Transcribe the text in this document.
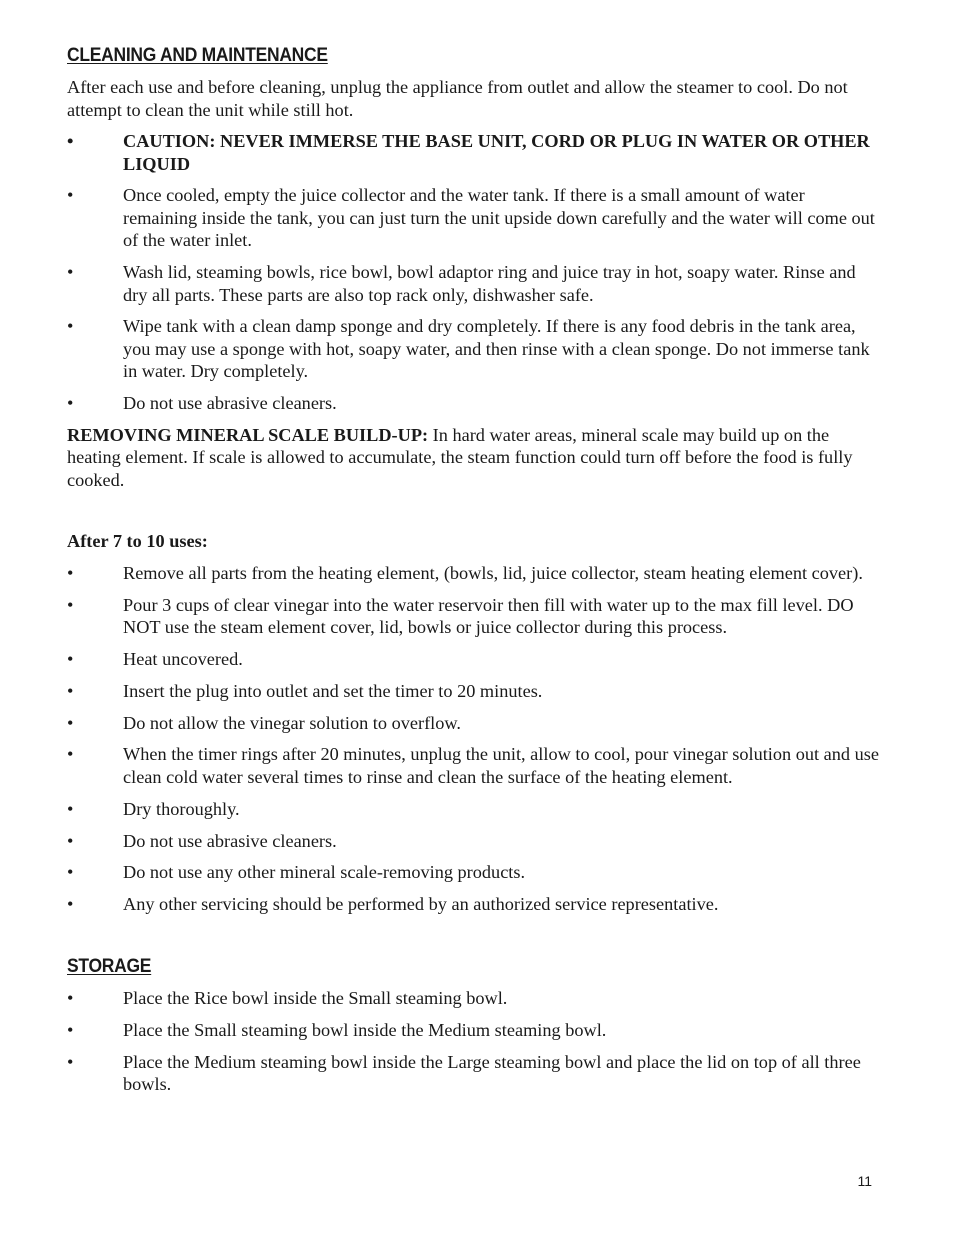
CLEANING AND MAINTENANCE

After each use and before cleaning, unplug the appliance from outlet and allow the steamer to cool. Do not attempt to clean the unit while still hot.

•	CAUTION: NEVER IMMERSE THE BASE UNIT, CORD OR PLUG IN WATER OR OTHER LIQUID
•	Once cooled, empty the juice collector and the water tank. If there is a small amount of water remaining inside the tank, you can just turn the unit upside down carefully and the water will come out of the water inlet.
•	Wash lid, steaming bowls, rice bowl, bowl adaptor ring and juice tray in hot, soapy water. Rinse and dry all parts. These parts are also top rack only, dishwasher safe.
•	Wipe tank with a clean damp sponge and dry completely. If there is any food debris in the tank area, you may use a sponge with hot, soapy water, and then rinse with a clean sponge. Do not immerse tank in water. Dry completely.
•	Do not use abrasive cleaners.

REMOVING MINERAL SCALE BUILD-UP: In hard water areas, mineral scale may build up on the heating element. If scale is allowed to accumulate, the steam function could turn off before the food is fully cooked.

After 7 to 10 uses:

•	Remove all parts from the heating element, (bowls, lid, juice collector, steam heating element cover).
•	Pour 3 cups of clear vinegar into the water reservoir then fill with water up to the max fill level. DO NOT use the steam element cover, lid, bowls or juice collector during this process.
•	Heat uncovered.
•	Insert the plug into outlet and set the timer to 20 minutes.
•	Do not allow the vinegar solution to overflow.
•	When the timer rings after 20 minutes, unplug the unit, allow to cool, pour vinegar solution out and use clean cold water several times to rinse and clean the surface of the heating element.
•	Dry thoroughly.
•	Do not use abrasive cleaners.
•	Do not use any other mineral scale-removing products.
•	Any other servicing should be performed by an authorized service representative.
STORAGE
•	Place the Rice bowl inside the Small steaming bowl.
•	Place the Small steaming bowl inside the Medium steaming bowl.
•	Place the Medium steaming bowl inside the Large steaming bowl and place the lid on top of all three bowls.
11
